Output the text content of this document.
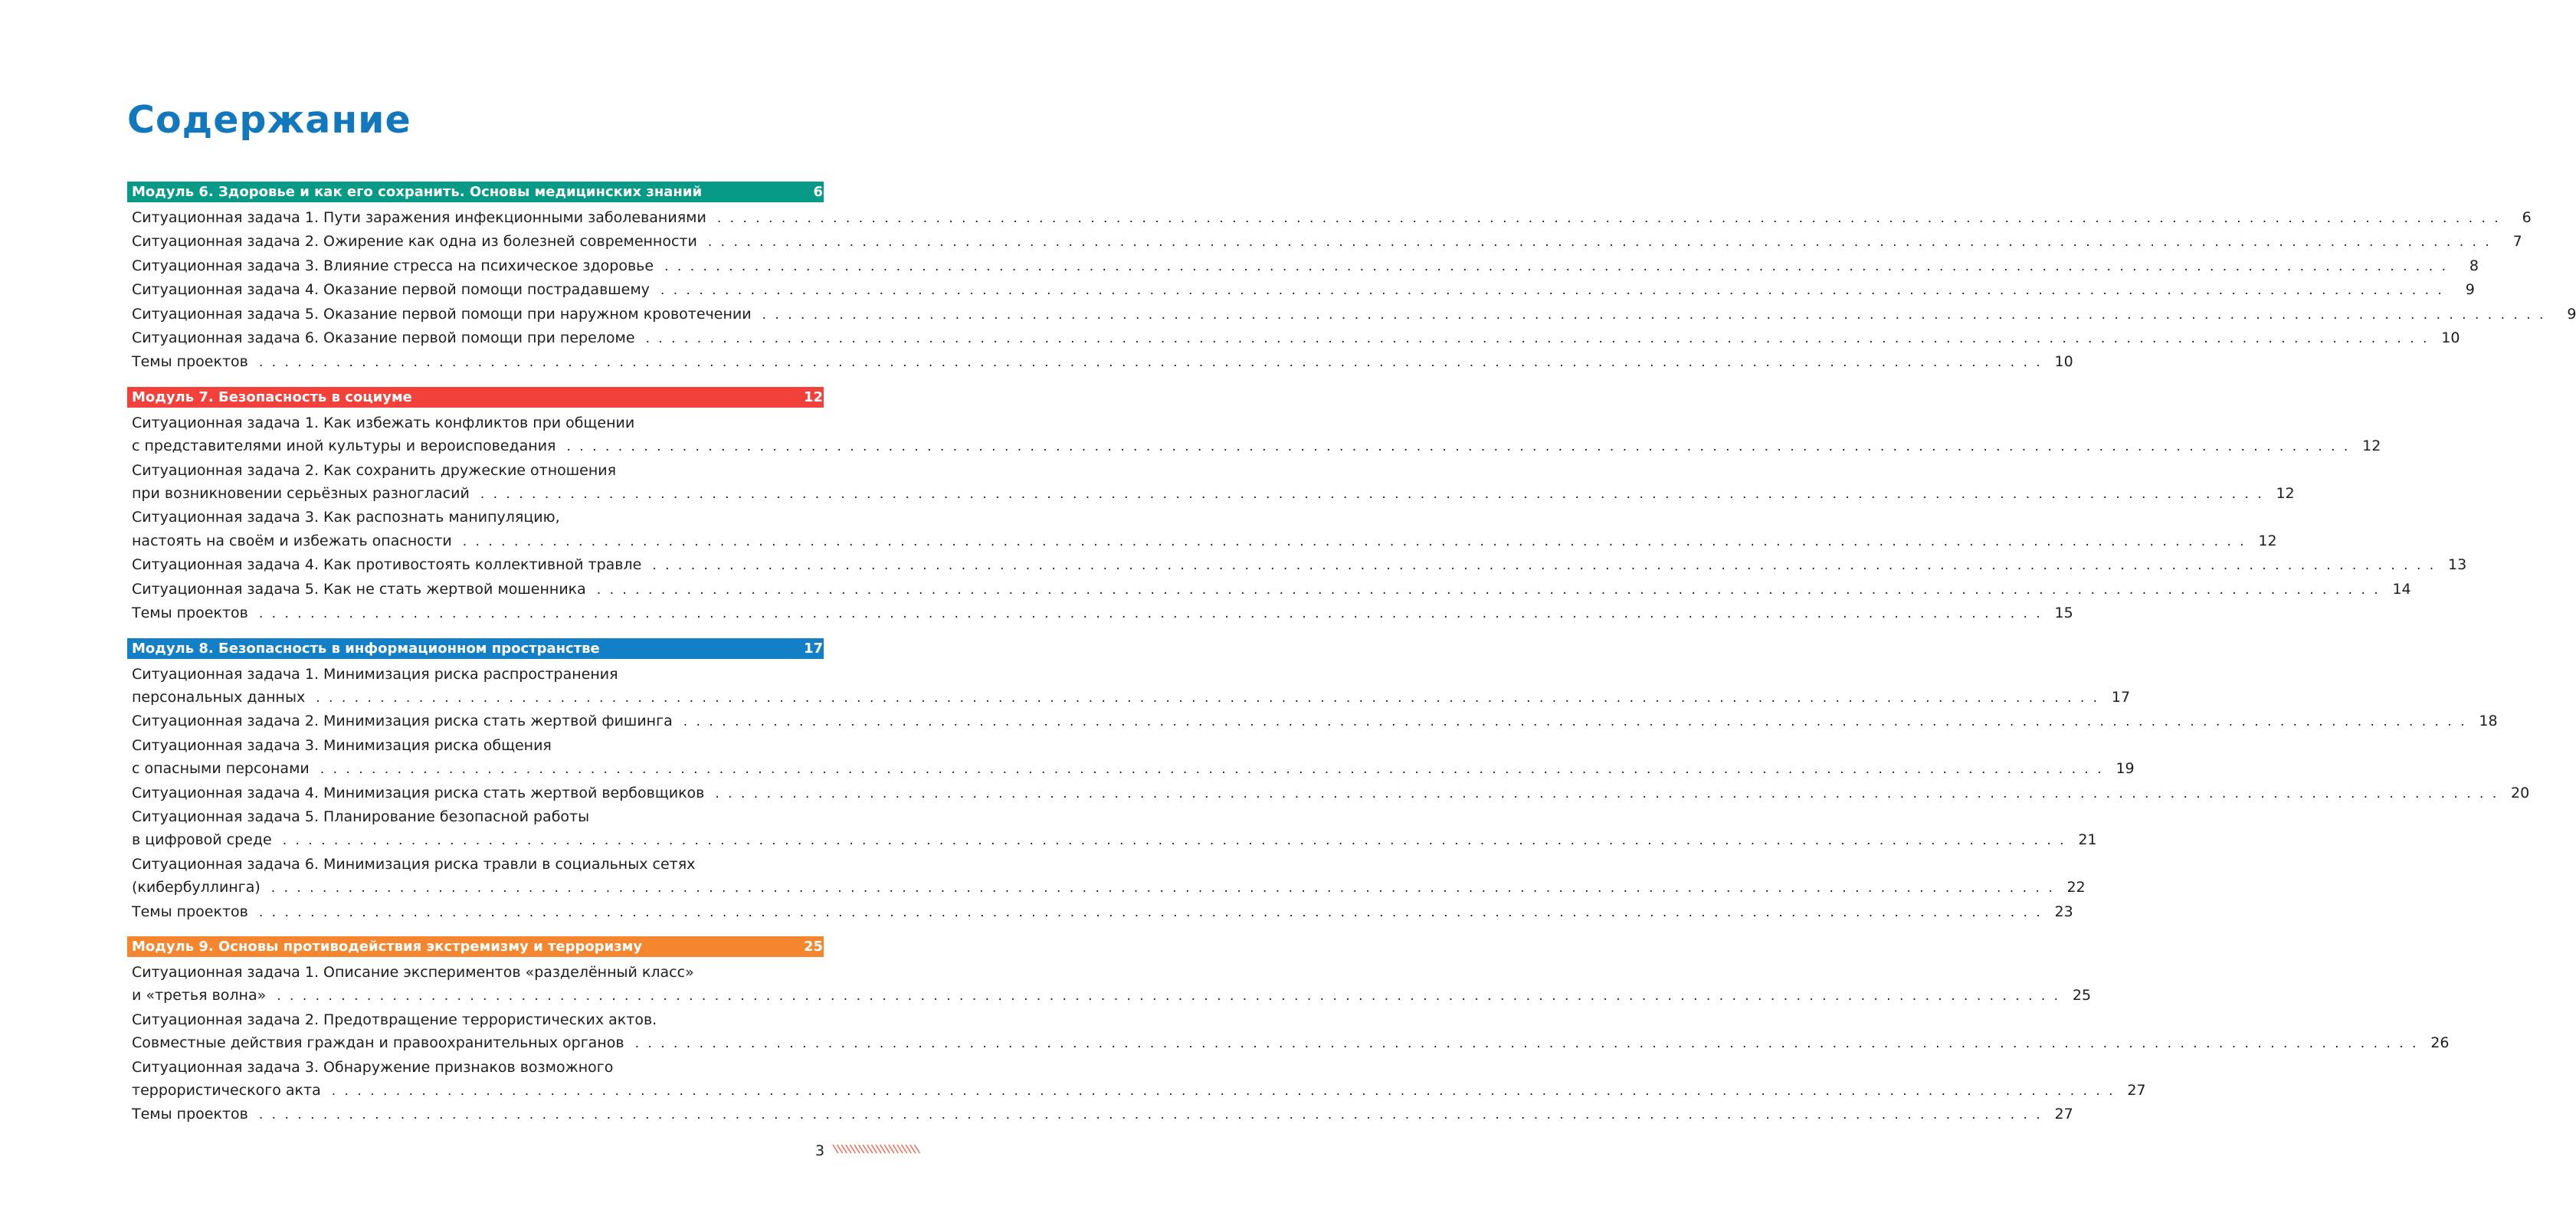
Содержание
Модуль 6. Здоровье и как его сохранить. Основы медицинских знаний	6
Ситуационная задача 1. Пути заражения инфекционными заболеваниями . . .	6
Ситуационная задача 2. Ожирение как одна из болезней современности . . .	7
Ситуационная задача 3. Влияние стресса на психическое здоровье . . .	8
Ситуационная задача 4. Оказание первой помощи пострадавшему . . .	9
Ситуационная задача 5. Оказание первой помощи при наружном кровотечении . . .	9
Ситуационная задача 6. Оказание первой помощи при переломе . . .	10
Темы проектов . . .	10
Модуль 7. Безопасность в социуме	12
Ситуационная задача 1. Как избежать конфликтов при общении
с представителями иной культуры и вероисповедания . . .	12
Ситуационная задача 2. Как сохранить дружеские отношения
при возникновении серьёзных разногласий . . .	12
Ситуационная задача 3. Как распознать манипуляцию,
настоять на своём и избежать опасности . . .	12
Ситуационная задача 4. Как противостоять коллективной травле . . .	13
Ситуационная задача 5. Как не стать жертвой мошенника . . .	14
Темы проектов . . .	15
Модуль 8. Безопасность в информационном пространстве	17
Ситуационная задача 1. Минимизация риска распространения
персональных данных . . .	17
Ситуационная задача 2. Минимизация риска стать жертвой фишинга . . .	18
Ситуационная задача 3. Минимизация риска общения
с опасными персонами . . .	19
Ситуационная задача 4. Минимизация риска стать жертвой вербовщиков . . .	20
Ситуационная задача 5. Планирование безопасной работы
в цифровой среде . . .	21
Ситуационная задача 6. Минимизация риска травли в социальных сетях
(кибербуллинга) . . .	22
Темы проектов . . .	23
Модуль 9. Основы противодействия экстремизму и терроризму	25
Ситуационная задача 1. Описание экспериментов «разделённый класс»
и «третья волна» . . .	25
Ситуационная задача 2. Предотвращение террористических актов.
Совместные действия граждан и правоохранительных органов . . .	26
Ситуационная задача 3. Обнаружение признаков возможного
террористического акта . . .	27
Темы проектов . . .	27
3
